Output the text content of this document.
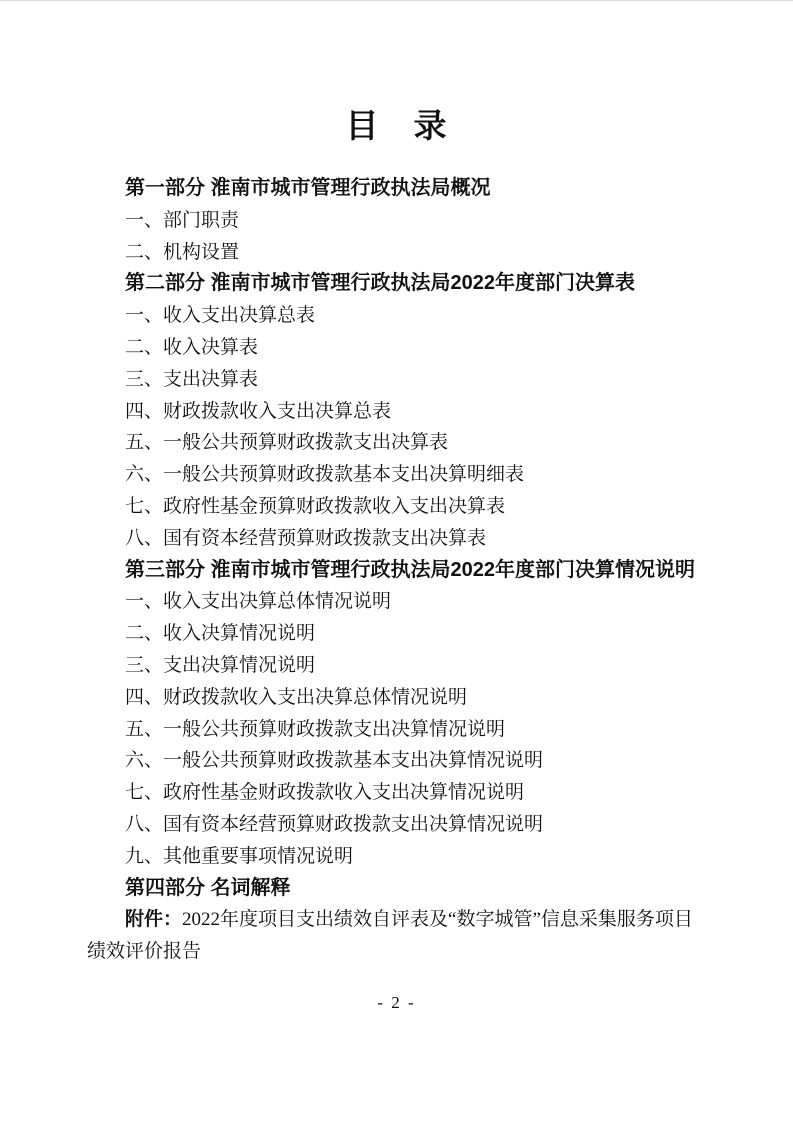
目　录
第一部分 淮南市城市管理行政执法局概况
一、部门职责
二、机构设置
第二部分 淮南市城市管理行政执法局2022年度部门决算表
一、收入支出决算总表
二、收入决算表
三、支出决算表
四、财政拨款收入支出决算总表
五、一般公共预算财政拨款支出决算表
六、一般公共预算财政拨款基本支出决算明细表
七、政府性基金预算财政拨款收入支出决算表
八、国有资本经营预算财政拨款支出决算表
第三部分 淮南市城市管理行政执法局2022年度部门决算情况说明
一、收入支出决算总体情况说明
二、收入决算情况说明
三、支出决算情况说明
四、财政拨款收入支出决算总体情况说明
五、一般公共预算财政拨款支出决算情况说明
六、一般公共预算财政拨款基本支出决算情况说明
七、政府性基金财政拨款收入支出决算情况说明
八、国有资本经营预算财政拨款支出决算情况说明
九、其他重要事项情况说明
第四部分 名词解释

附件：2022年度项目支出绩效自评表及“数字城管”信息采集服务项目绩效评价报告

- 2 -
